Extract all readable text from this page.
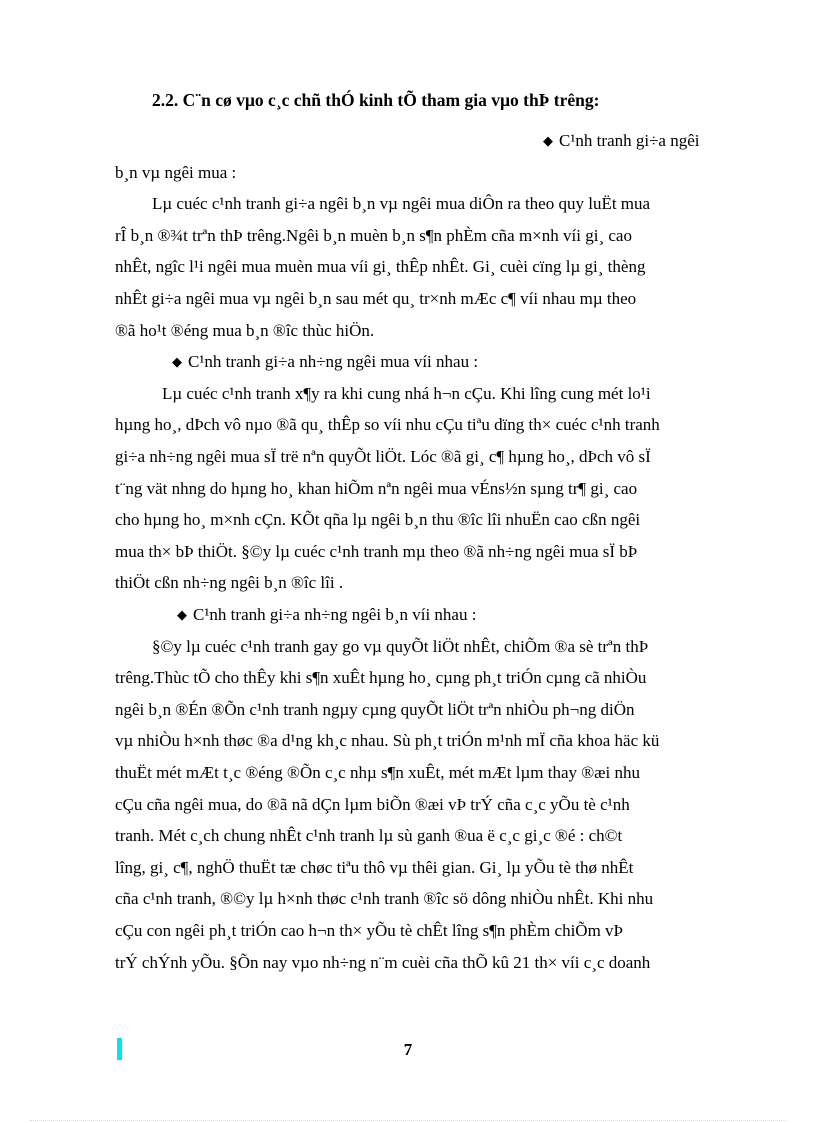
2.2. C¨n cø vµo c¸c chñ thÓ kinh tÕ tham gia vµo thÞ trêng:
◆ C¹nh tranh gi÷a ngêi
b¸n vµ ngêi mua :
Lµ cuéc c¹nh tranh gi÷a ngêi b¸n vµ ngêi mua diÔn ra theo quy luËt mua
rÎ b¸n ®¾t trªn thÞ trêng.Ngêi b¸n muèn b¸n s¶n phÈm cña m×nh víi gi¸ cao
nhÊt, ngîc l¹i ngêi mua muèn mua víi gi¸ thÊp nhÊt. Gi¸ cuèi cïng lµ gi¸ thèng
nhÊt gi÷a ngêi mua vµ ngêi b¸n sau mét qu¸ tr×nh mÆc c¶ víi nhau mµ theo
®ã ho¹t ®éng mua b¸n ®îc thùc hiÖn.
◆ C¹nh tranh gi÷a nh÷ng ngêi mua víi nhau :
Lµ cuéc c¹nh tranh x¶y ra khi cung nhá h¬n cÇu. Khi lîng cung mét lo¹i
hµng ho¸, dÞch vô nµo ®ã qu¸ thÊp so víi nhu cÇu tiªu dïng th× cuéc c¹nh tranh
gi÷a nh÷ng ngêi mua sÏ trë nªn quyÕt liÖt. Lóc ®ã gi¸ c¶ hµng ho¸, dÞch vô sÏ
t¨ng vät nhng do hµng ho¸ khan hiÕm nªn ngêi mua vÉns½n sµng tr¶ gi¸ cao
cho hµng ho¸ m×nh cÇn. KÕt qña lµ ngêi b¸n thu ®îc lîi nhuËn cao cßn ngêi
mua th× bÞ thiÖt. §©y lµ cuéc c¹nh tranh mµ theo ®ã nh÷ng ngêi mua sÏ bÞ
thiÖt cßn nh÷ng ngêi b¸n ®îc lîi .
◆ C¹nh tranh gi÷a nh÷ng ngêi b¸n víi nhau :
§©y lµ cuéc c¹nh tranh gay go vµ quyÕt liÖt nhÊt, chiÕm ®a sè trªn thÞ
trêng.Thùc tÕ cho thÊy khi s¶n xuÊt hµng ho¸ cµng ph¸t triÓn cµng cã nhiÒu
ngêi b¸n ®Én ®Õn c¹nh tranh ngµy cµng quyÕt liÖt trªn nhiÒu ph¬ng diÖn
vµ nhiÒu h×nh thøc ®a d¹ng kh¸c nhau. Sù ph¸t triÓn m¹nh mÏ cña khoa häc kü
thuËt mét mÆt t¸c ®éng ®Õn c¸c nhµ s¶n xuÊt, mét mÆt lµm thay ®æi nhu
cÇu cña ngêi mua, do ®ã nã dÇn lµm biÕn ®æi vÞ trÝ cña c¸c yÕu tè c¹nh
tranh. Mét c¸ch chung nhÊt c¹nh tranh lµ sù ganh ®ua ë c¸c gi¸c ®é : ch©t
lîng, gi¸ c¶, nghÖ thuËt tæ chøc tiªu thô vµ thêi gian. Gi¸ lµ yÕu tè thø nhÊt
cña c¹nh tranh, ®©y lµ h×nh thøc c¹nh tranh ®îc sö dông nhiÒu nhÊt. Khi nhu
cÇu con ngêi ph¸t triÓn cao h¬n th× yÕu tè chÊt lîng s¶n phÈm chiÕm vÞ
trÝ chÝnh yÕu. §Õn nay vµo nh÷ng n¨m cuèi cña thÕ kû 21 th× víi c¸c doanh
7
